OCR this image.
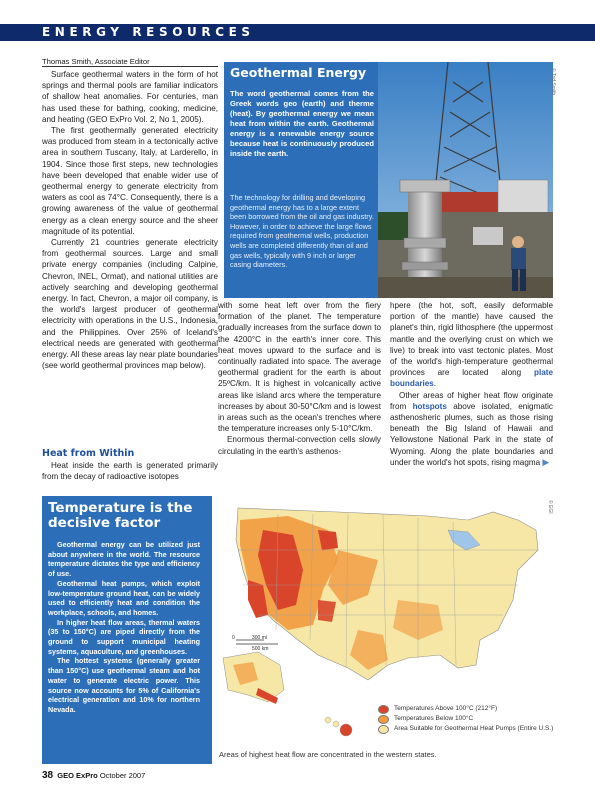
ENERGY RESOURCES
Thomas Smith, Associate Editor

Surface geothermal waters in the form of hot springs and thermal pools are familiar indicators of shallow heat anomalies. For centuries, man has used these for bathing, cooking, medicine, and heating (GEO ExPro Vol. 2, No 1, 2005).

The first geothermally generated electricity was produced from steam in a tectonically active area in southern Tuscany, Italy, at Larderello, in 1904. Since those first steps, new technologies have been developed that enable wider use of geothermal energy to generate electricity from waters as cool as 74°C. Consequently, there is a growing awareness of the value of geothermal energy as a clean energy source and the sheer magnitude of its potential.

Currently 21 countries generate electricity from geothermal sources. Large and small private energy companies (including Calpine, Chevron, INEL, Ormat), and national utilities are actively searching and developing geothermal energy. In fact, Chevron, a major oil company, is the world's largest producer of geothermal electricity with operations in the U.S., Indonesia, and the Philippines. Over 25% of Iceland's electrical needs are generated with geothermal energy. All these areas lay near plate boundaries (see world geothermal provinces map below).

Heat from Within

Heat inside the earth is generated primarily from the decay of radioactive isotopes

with some heat left over from the fiery formation of the planet. The temperature gradually increases from the surface down to the 4200°C in the earth's inner core. This heat moves upward to the surface and is continually radiated into space. The average geothermal gradient for the earth is about 25ºC/km. It is highest in volcanically active areas like island arcs where the temperature increases by about 30-50°C/km and is lowest in areas such as the ocean's trenches where the temperature increases only 5-10°C/km.

Enormous thermal-convection cells slowly circulating in the earth's asthenos-

hpere (the hot, soft, easily deformable portion of the mantle) have caused the planet's thin, rigid lithosphere (the uppermost mantle and the overlying crust on which we live) to break into vast tectonic plates. Most of the world's high-temperature geothermal provinces are located along plate boundaries.

Other areas of higher heat flow originate from hotspots above isolated, enigmatic asthenosheric plumes, such as those rising beneath the Big Island of Hawaii and Yellowstone National Park in the state of Wyoming. Along the plate boundaries and under the world's hot spots, rising magma ▶

Geothermal Energy
The word geothermal comes from the Greek words geo (earth) and therme (heat). By geothermal energy we mean heat from within the earth. Geothermal energy is a renewable energy source because heat is continuously produced inside the earth.
The technology for drilling and developing geothermal energy has to a large extent been borrowed from the oil and gas industry. However, in order to achieve the large flows required from geothermal wells, production wells are completed differently than oil and gas wells, typically with 9 inch or larger casing diameters.
© Tod Smith
Temperature is the decisive factor

Geothermal energy can be utilized just about anywhere in the world. The resource temperature dictates the type and efficiency of use.

Geothermal heat pumps, which exploit low-temperature ground heat, can be widely used to efficiently heat and condition the workplace, schools, and homes.

In higher heat flow areas, thermal waters (35 to 150°C) are piped directly from the ground to support municipal heating systems, aquaculture, and greenhouses.

The hottest systems (generally greater than 150°C) use geothermal steam and hot water to generate electric power. This source now accounts for 5% of California's electrical generation and 10% for northern Nevada.

0	300 mi
500 km
© EGI
Temperatures Above 100°C (212°F)
Temperatures Below 100°C
Area Suitable for Geothermal Heat Pumps (Entire U.S.)
Areas of highest heat flow are concentrated in the western states.
38 GEO ExPro October 2007
